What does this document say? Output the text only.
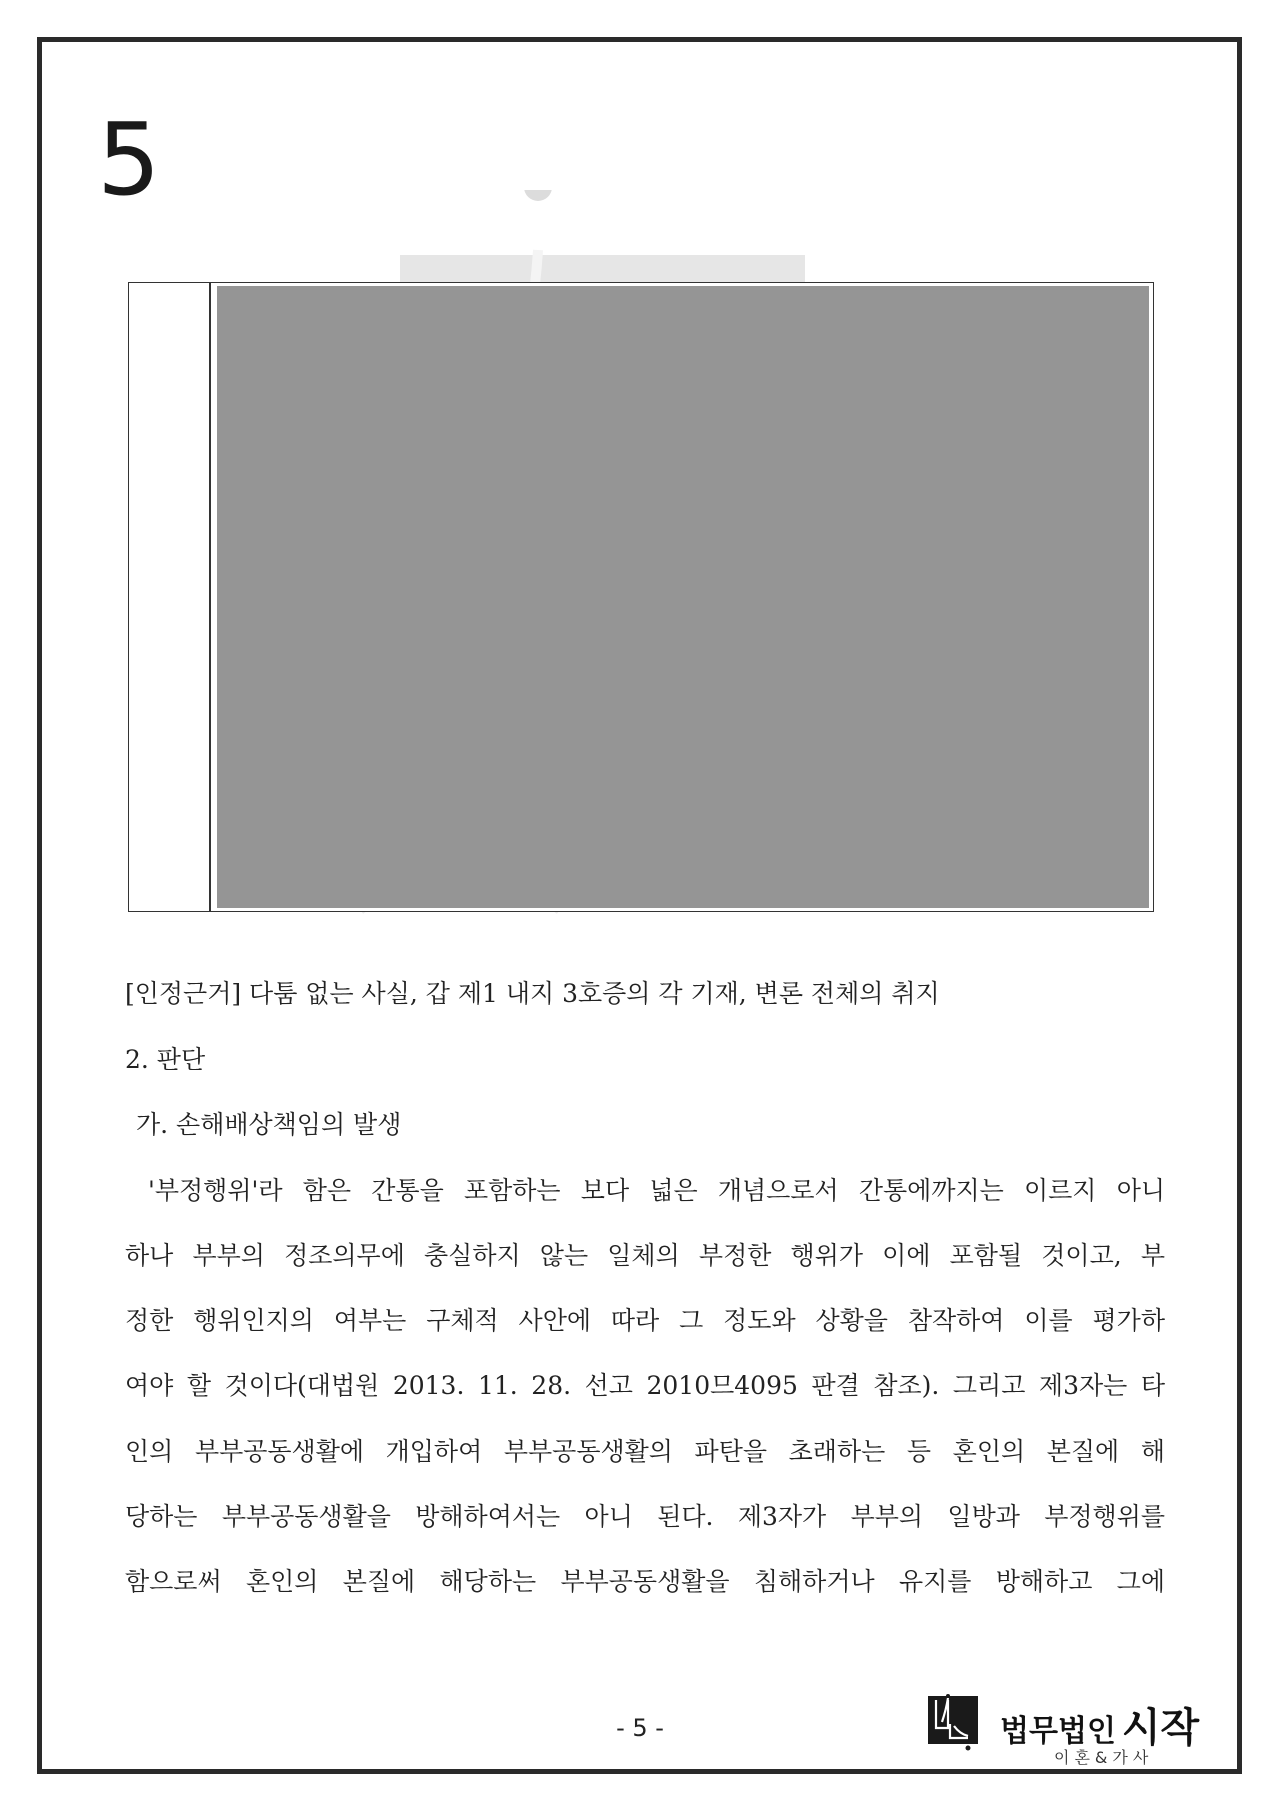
5
[인정근거] 다툼 없는 사실, 갑 제1 내지 3호증의 각 기재, 변론 전체의 취지
2. 판단
가. 손해배상책임의 발생
'부정행위'라 함은 간통을 포함하는 보다 넓은 개념으로서 간통에까지는 이르지 아니
하나 부부의 정조의무에 충실하지 않는 일체의 부정한 행위가 이에 포함될 것이고, 부
정한 행위인지의 여부는 구체적 사안에 따라 그 정도와 상황을 참작하여 이를 평가하
여야 할 것이다(대법원 2013. 11. 28. 선고 2010므4095 판결 참조). 그리고 제3자는 타
인의 부부공동생활에 개입하여 부부공동생활의 파탄을 초래하는 등 혼인의 본질에 해
당하는 부부공동생활을 방해하여서는 아니 된다. 제3자가 부부의 일방과 부정행위를
함으로써 혼인의 본질에 해당하는 부부공동생활을 침해하거나 유지를 방해하고 그에
- 5 -	법무법인 시작
이혼&가사
